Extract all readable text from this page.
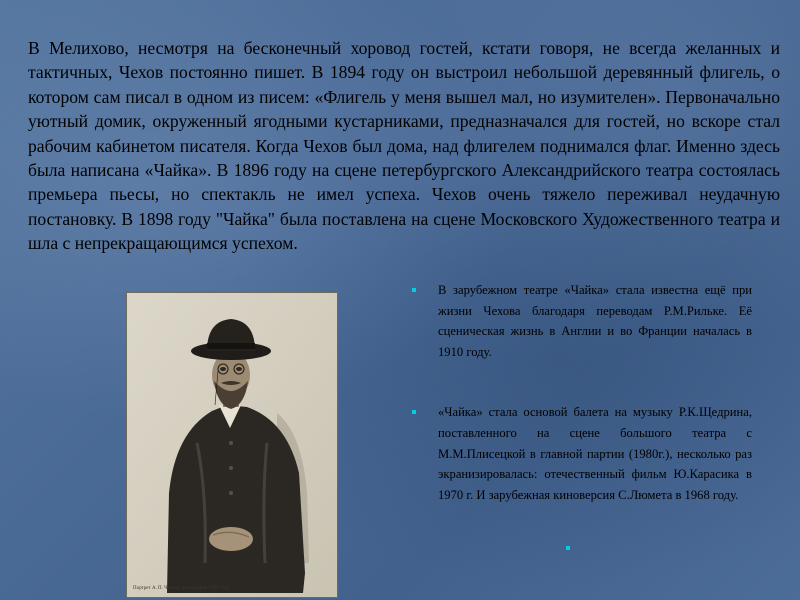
В Мелихово, несмотря на бесконечный хоровод гостей, кстати говоря, не всегда желанных и тактичных, Чехов постоянно пишет. В 1894 году он выстроил небольшой деревянный флигель, о котором сам писал в одном из писем: «Флигель у меня вышел мал, но изумителен». Первоначально уютный домик, окруженный ягодными кустарниками, предназначался для гостей, но вскоре стал рабочим кабинетом писателя. Когда Чехов был дома, над флигелем поднимался флаг. Именно здесь была написана «Чайка». В 1896 году на сцене петербургского Александрийского театра состоялась премьера пьесы, но спектакль не имел успеха. Чехов очень тяжело переживал неудачную постановку. В 1898 году "Чайка" была поставлена на сцене Московского Художественного театра и шла с непрекращающимся успехом.

Портрет А. П. Чехова. Фотография 1899 года
В зарубежном театре «Чайка» стала известна ещё при жизни Чехова благодаря переводам Р.М.Рильке. Её сценическая жизнь в Англии и во Франции началась в 1910 году.
«Чайка» стала основой балета на музыку Р.К.Щедрина, поставленного на сцене большого театра с М.М.Плисецкой в главной партии (1980г.), несколько раз экранизировалась: отечественный фильм Ю.Карасика в 1970 г. И зарубежная киноверсия С.Люмета в 1968 году.
